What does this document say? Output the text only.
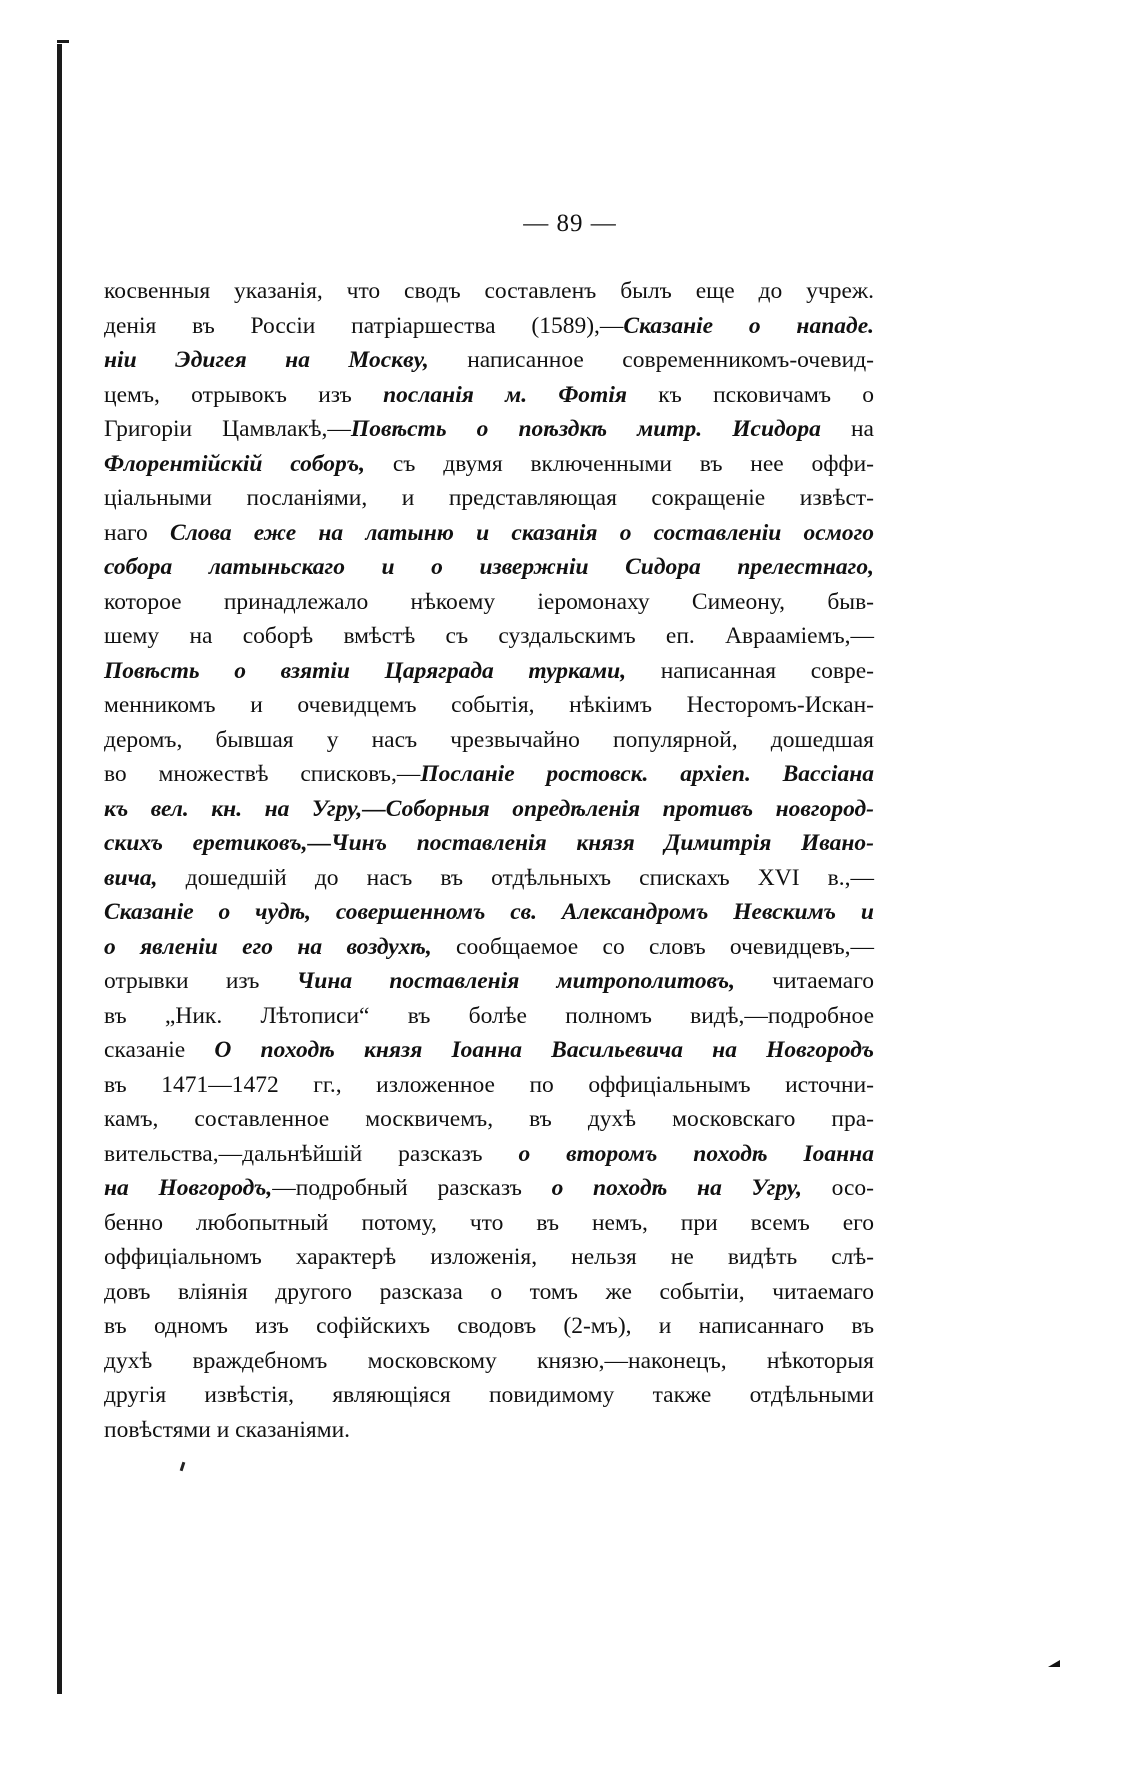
— 89 —
косвенныя указанія, что сводъ составленъ былъ еще до учреж.
денія въ Россіи патріаршества (1589),—Сказаніе о нападе.
ніи Эдигея на Москву, написанное современникомъ-очевид-
цемъ, отрывокъ изъ посланія м. Фотія къ псковичамъ о
Григоріи Цамвлакѣ,—Повѣсть о поѣздкѣ митр. Исидора на
Флорентійскій соборъ, съ двумя включенными въ нее оффи-
ціальными посланіями, и представляющая сокращеніе извѣст-
наго Слова еже на латыню и сказанія о составленіи осмого
собора латыньскаго и о извержніи Сидора прелестнаго,
которое принадлежало нѣкоему іеромонаху Симеону, быв-
шему на соборѣ вмѣстѣ съ суздальскимъ еп. Аврааміемъ,—
Повѣсть о взятіи Царяграда турками, написанная совре-
менникомъ и очевидцемъ событія, нѣкіимъ Несторомъ-Искан-
деромъ, бывшая у насъ чрезвычайно популярной, дошедшая
во множествѣ списковъ,—Посланіе ростовск. архіеп. Вассіана
къ вел. кн. на Угру,—Соборныя опредѣленія противъ новгород-
скихъ еретиковъ,—Чинъ поставленія князя Димитрія Ивано-
вича, дошедшій до насъ въ отдѣльныхъ спискахъ XVI в.,—
Сказаніе о чудѣ, совершенномъ св. Александромъ Невскимъ и
о явленіи его на воздухѣ, сообщаемое со словъ очевидцевъ,—
отрывки изъ Чина поставленія митрополитовъ, читаемаго
въ „Ник. Лѣтописи“ въ болѣе полномъ видѣ,—подробное
сказаніе О походѣ князя Іоанна Васильевича на Новгородъ
въ 1471—1472 гг., изложенное по оффиціальнымъ источни-
камъ, составленное москвичемъ, въ духѣ московскаго пра-
вительства,—дальнѣйшій разсказъ о второмъ походѣ Іоанна
на Новгородъ,—подробный разсказъ о походѣ на Угру, осо-
бенно любопытный потому, что въ немъ, при всемъ его
оффиціальномъ характерѣ изложенія, нельзя не видѣть слѣ-
довъ вліянія другого разсказа о томъ же событіи, читаемаго
въ одномъ изъ софійскихъ сводовъ (2-мъ), и написаннаго въ
духѣ враждебномъ московскому князю,—наконецъ, нѣкоторыя
другія извѣстія, являющіяся повидимому также отдѣльными
повѣстями и сказаніями.
